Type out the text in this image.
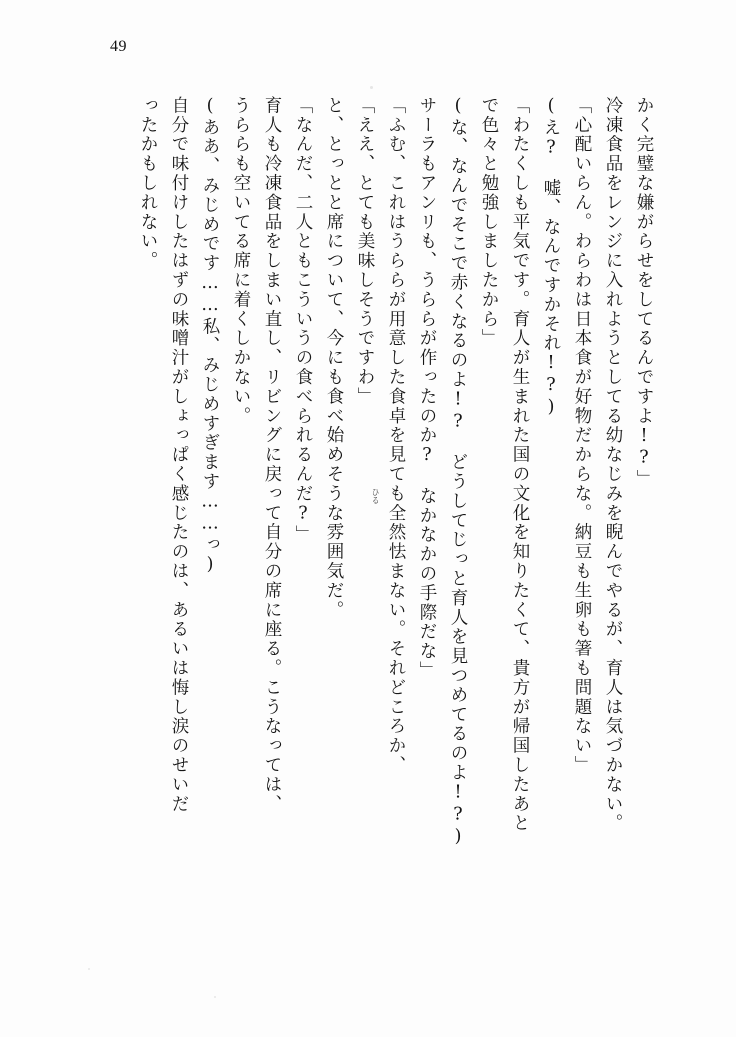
49
かく完璧な嫌がらせをしてるんですよ!?」
冷凍食品をレンジに入れようとしてる幼なじみを睨んでやるが、育人は気づかない。
「心配いらん。わらわは日本食が好物だからな。納豆も生卵も箸も問題ない」
(え?　嘘、なんですかそれ!?)
「わたくしも平気です。育人が生まれた国の文化を知りたくて、貴方が帰国したあと
で色々と勉強しましたから」
(な、なんでそこで赤くなるのよ!?　どうしてじっと育人を見つめてるのよ!?)
サーラもアンリも、うららが作ったのか?　なかなかの手際だな」
「ふむ、これはうららが用意した食卓を見ても全然怯まない。それどころか、
ひる
「ええ、とても美味しそうですわ」
と、とっとと席について、今にも食べ始めそうな雰囲気だ。
「なんだ、二人ともこういうの食べられるんだ?」
育人も冷凍食品をしまい直し、リビングに戻って自分の席に座る。こうなっては、
うららも空いてる席に着くしかない。
(ああ、みじめです……私、みじめすぎます……っ)
自分で味付けしたはずの味噌汁がしょっぱく感じたのは、あるいは悔し涙のせいだ
ったかもしれない。
